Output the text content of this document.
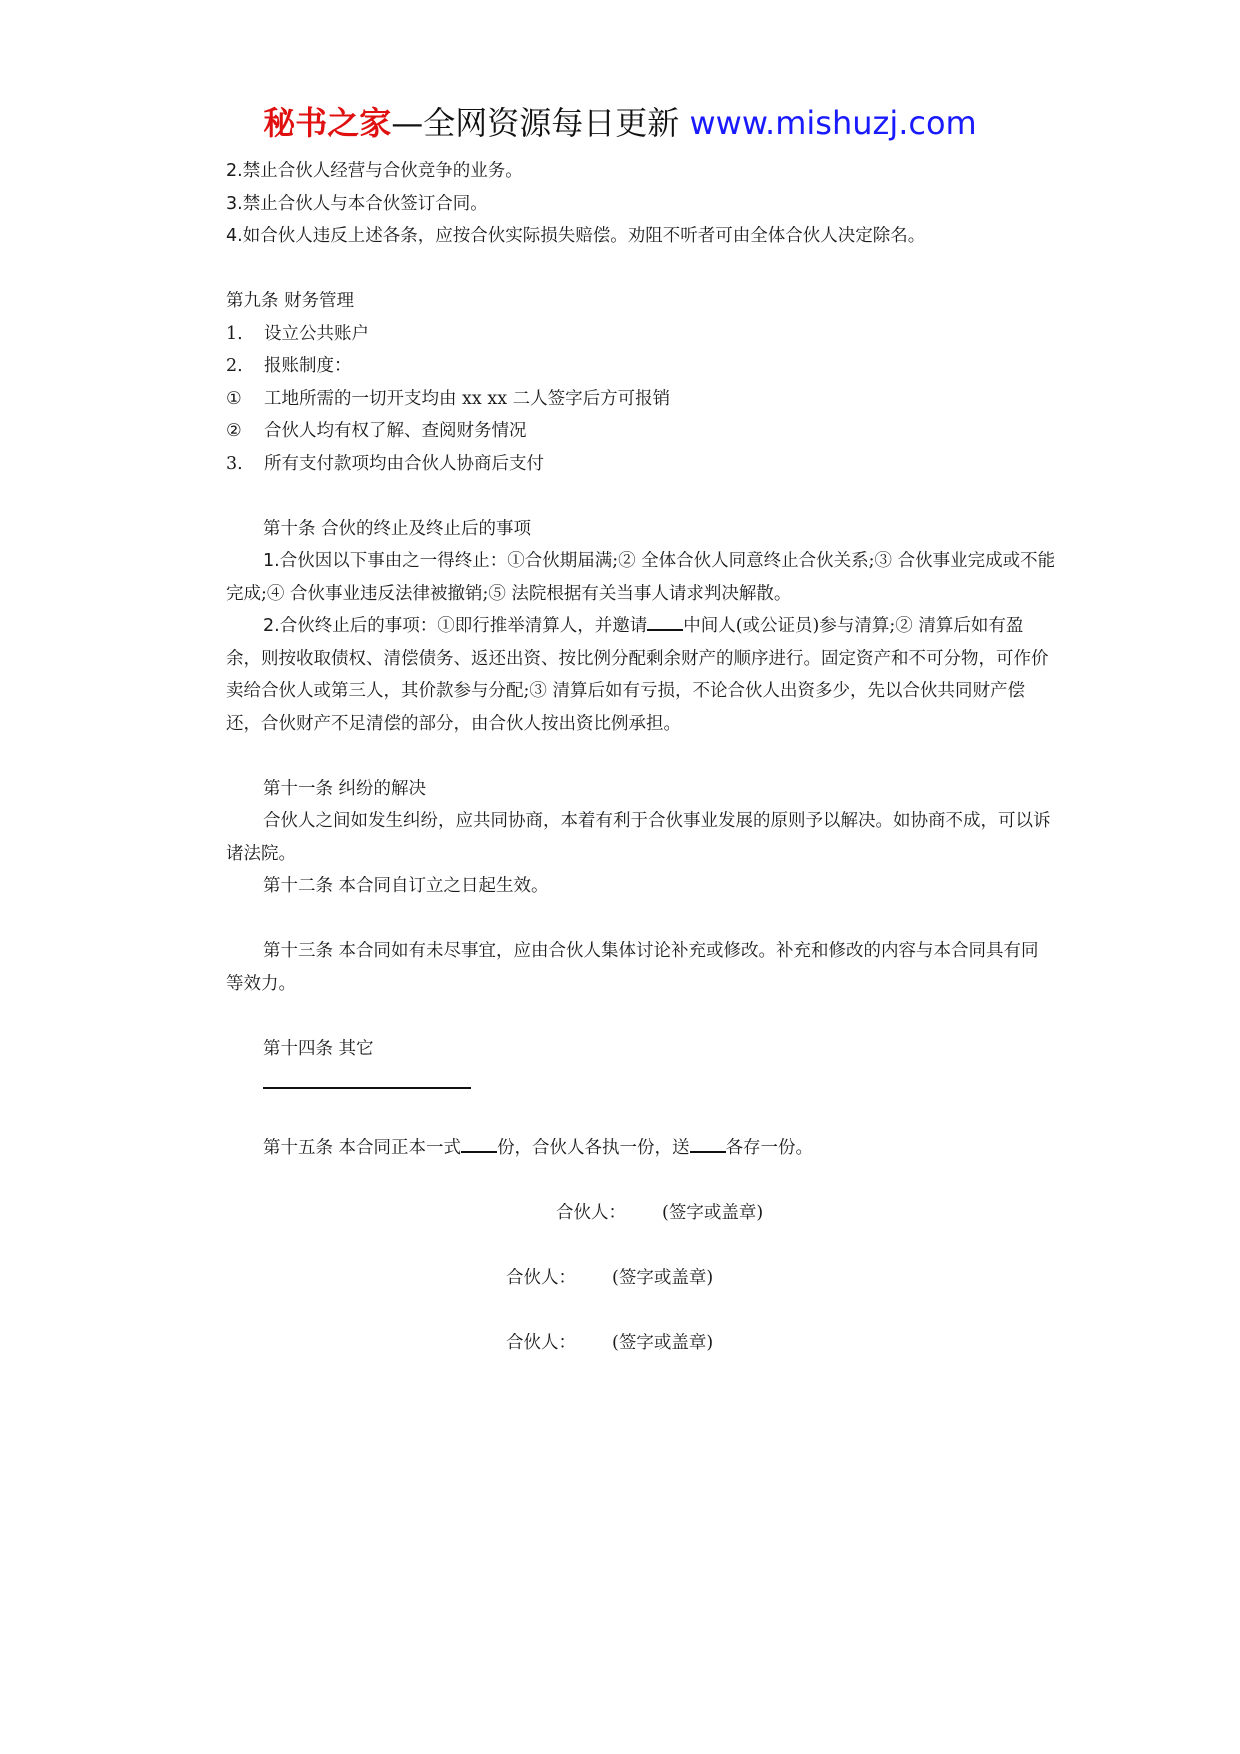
秘书之家—全网资源每日更新 www.mishuzj.com

2.禁止合伙人经营与合伙竞争的业务。

3.禁止合伙人与本合伙签订合同。

4.如合伙人违反上述各条，应按合伙实际损失赔偿。劝阻不听者可由全体合伙人决定除名。

第九条 财务管理

1.	设立公共账户
2.	报账制度：
①	工地所需的一切开支均由 xx xx 二人签字后方可报销
②	合伙人均有权了解、查阅财务情况
3.	所有支付款项均由合伙人协商后支付

第十条 合伙的终止及终止后的事项

1.合伙因以下事由之一得终止：①合伙期届满;② 全体合伙人同意终止合伙关系;③ 合伙事业完成或不能完成;④ 合伙事业违反法律被撤销;⑤ 法院根据有关当事人请求判决解散。

2.合伙终止后的事项：①即行推举清算人，并邀请 中间人(或公证员)参与清算;② 清算后如有盈余，则按收取债权、清偿债务、返还出资、按比例分配剩余财产的顺序进行。固定资产和不可分物，可作价卖给合伙人或第三人，其价款参与分配;③ 清算后如有亏损，不论合伙人出资多少，先以合伙共同财产偿还，合伙财产不足清偿的部分，由合伙人按出资比例承担。

第十一条 纠纷的解决

合伙人之间如发生纠纷，应共同协商，本着有利于合伙事业发展的原则予以解决。如协商不成，可以诉诸法院。

第十二条 本合同自订立之日起生效。

第十三条 本合同如有未尽事宜，应由合伙人集体讨论补充或修改。补充和修改的内容与本合同具有同等效力。

第十四条 其它

第十五条 本合同正本一式 份，合伙人各执一份，送 各存一份。

合伙人： (签字或盖章)

合伙人： (签字或盖章)

合伙人： (签字或盖章)
